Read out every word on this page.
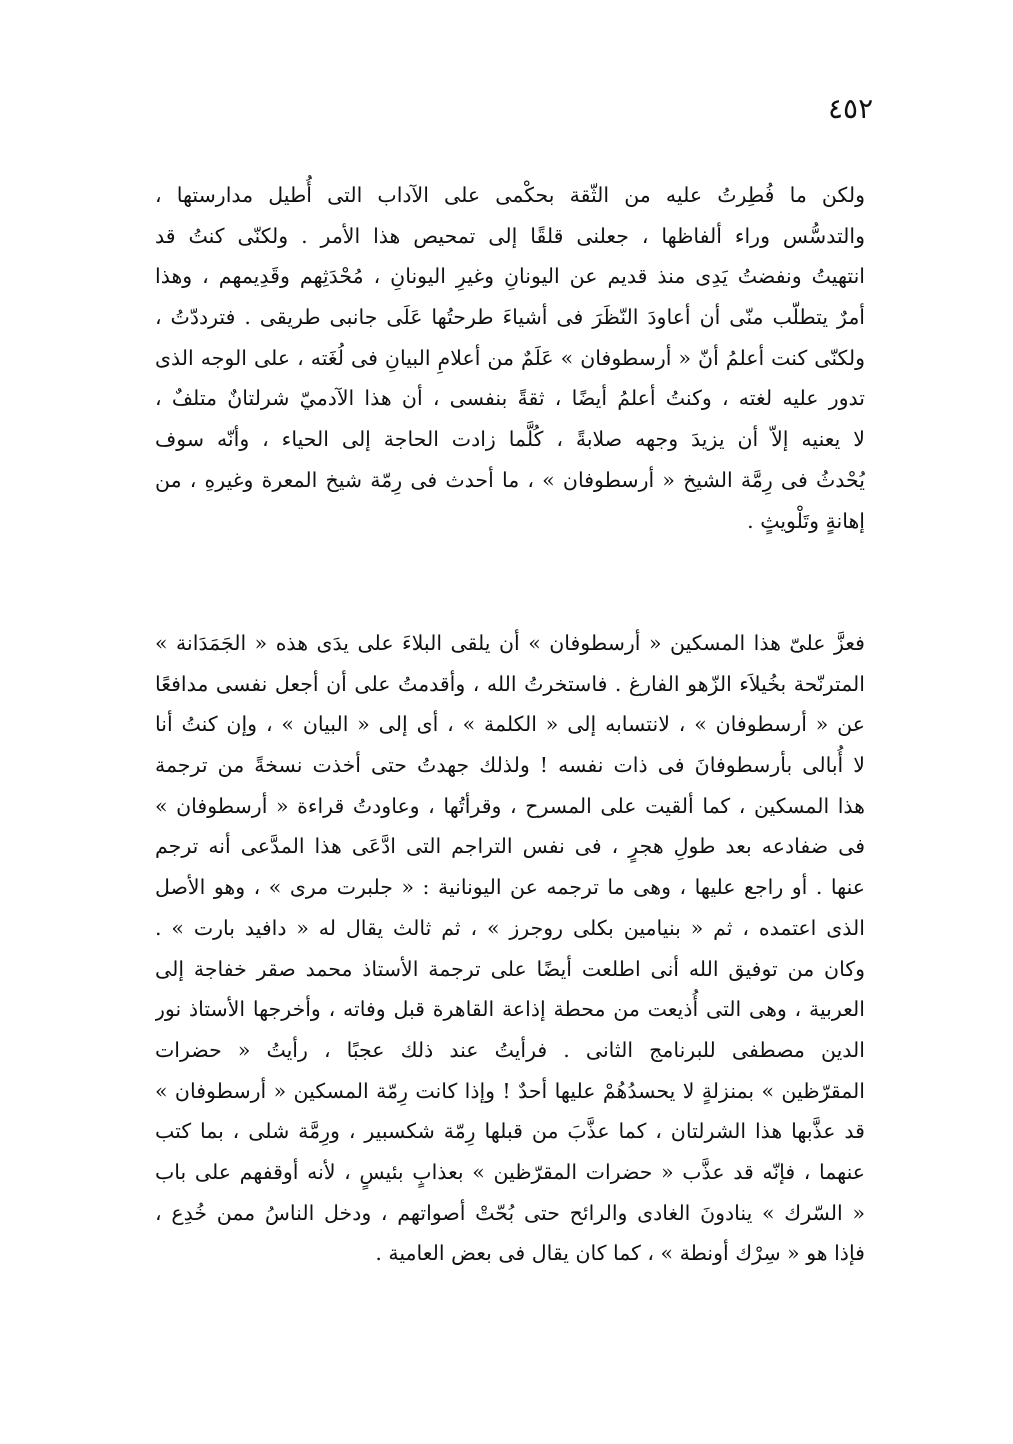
٤٥٢
ولكن ما فُطِرتُ عليه من الثّقة بحكْمى على الآداب التى أُطيل مدارستها ،
والتدسُّس وراء ألفاظها ، جعلنى قلقًا إلى تمحيص هذا الأمر . ولكنّى كنتُ قد
انتهيتُ ونفضتُ يَدِى منذ قديم عن اليونانِ وغيرِ اليونانِ ، مُحْدَثِهم وقَدِيمهم ، وهذا
أمرٌ يتطلّب منّى أن أعاودَ النّظَرَ فى أشياءَ طرحتُها عَلَى جانبى طريقى . فترددّتُ ،
ولكنّى كنت أعلمُ أنّ « أرسطوفان » عَلَمٌ من أعلامِ البيانِ فى لُغَته ، على الوجه الذى
تدور عليه لغته ، وكنتُ أعلمُ أيضًا ، ثقةً بنفسى ، أن هذا الآدميّ شرلتانٌ متلفٌ ،
لا يعنيه إلاّ أن يزيدَ وجهه صلابةً ، كُلَّما زادت الحاجة إلى الحياء ، وأنّه سوف
يُحْدثُ فى رِمَّة الشيخ « أرسطوفان » ، ما أحدث فى رِمّة شيخ المعرة وغيرهِ ، من
إهانةٍ وتَلْويثٍ .
فعزَّ علىّ هذا المسكين « أرسطوفان » أن يلقى البلاءَ على يدَى هذه « الجَمَدَانة »
المترنّحة بخُيلاَء الزّهو الفارغ . فاستخرتُ الله ، وأقدمتُ على أن أجعل نفسى مدافعًا
عن « أرسطوفان » ، لانتسابه إلى « الكلمة » ، أى إلى « البيان » ، وإن كنتُ أنا
لا أُبالى بأرسطوفانَ فى ذات نفسه ! ولذلك جهدتُ حتى أخذت نسخةً من ترجمة
هذا المسكين ، كما ألقيت على المسرح ، وقرأتُها ، وعاودتُ قراءة « أرسطوفان »
فى ضفادعه بعد طولِ هجرٍ ، فى نفس التراجم التى ادَّعَى هذا المدَّعى أنه ترجم
عنها . أو راجع عليها ، وهى ما ترجمه عن اليونانية : « جلبرت مرى » ، وهو الأصل
الذى اعتمده ، ثم « بنيامين بكلى روجرز » ، ثم ثالث يقال له « دافيد بارت » .
وكان من توفيق الله أنى اطلعت أيضًا على ترجمة الأستاذ محمد صقر خفاجة إلى
العربية ، وهى التى أُذيعت من محطة إذاعة القاهرة قبل وفاته ، وأخرجها الأستاذ نور
الدين مصطفى للبرنامج الثانى . فرأيتُ عند ذلك عجبًا ، رأيتُ « حضرات
المقرّظين » بمنزلةٍ لا يحسدُهُمْ عليها أحدٌ ! وإذا كانت رِمّة المسكين « أرسطوفان »
قد عذَّبها هذا الشرلتان ، كما عذَّبَ من قبلها رِمّة شكسبير ، ورِمَّة شلى ، بما كتب
عنهما ، فإنّه قد عذَّب « حضرات المقرّظين » بعذابٍ بئيسٍ ، لأنه أوقفهم على باب
« السّرك » ينادونَ الغادى والرائح حتى بُحّتْ أصواتهم ، ودخل الناسُ ممن خُدِع ،
فإذا هو « سِرْك أونطة » ، كما كان يقال فى بعض العامية .
